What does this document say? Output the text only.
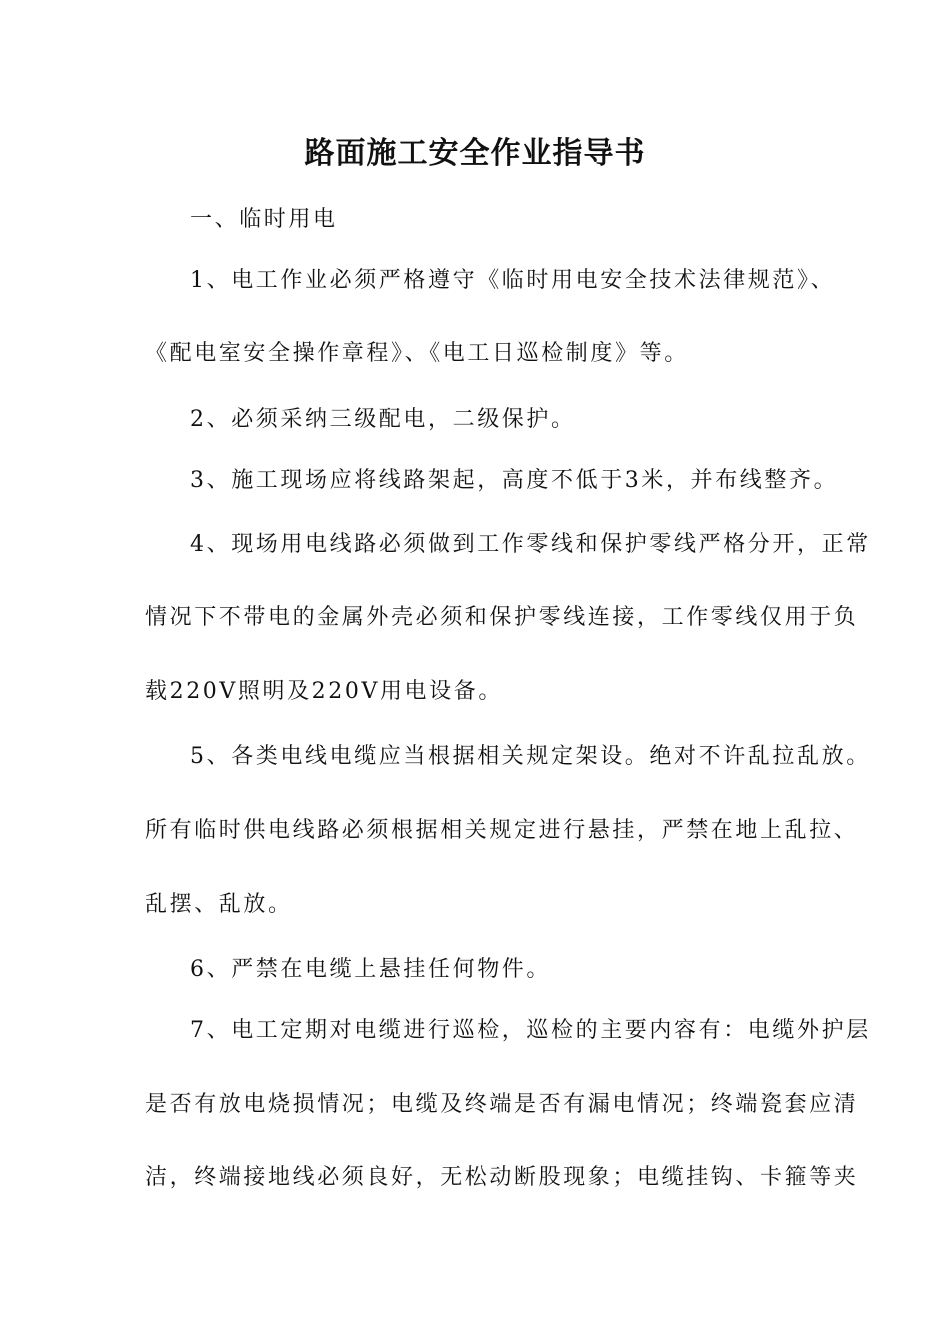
路面施工安全作业指导书
一、临时用电
1、电工作业必须严格遵守《临时用电安全技术法律规范》、
《配电室安全操作章程》、《电工日巡检制度》等。
2、必须采纳三级配电，二级保护。
3、施工现场应将线路架起，高度不低于3米，并布线整齐。
4、现场用电线路必须做到工作零线和保护零线严格分开，正常
情况下不带电的金属外壳必须和保护零线连接，工作零线仅用于负
载220V照明及220V用电设备。
5、各类电线电缆应当根据相关规定架设。绝对不许乱拉乱放。
所有临时供电线路必须根据相关规定进行悬挂，严禁在地上乱拉、
乱摆、乱放。
6、严禁在电缆上悬挂任何物件。
7、电工定期对电缆进行巡检，巡检的主要内容有：电缆外护层
是否有放电烧损情况；电缆及终端是否有漏电情况；终端瓷套应清
洁，终端接地线必须良好，无松动断股现象；电缆挂钩、卡箍等夹
